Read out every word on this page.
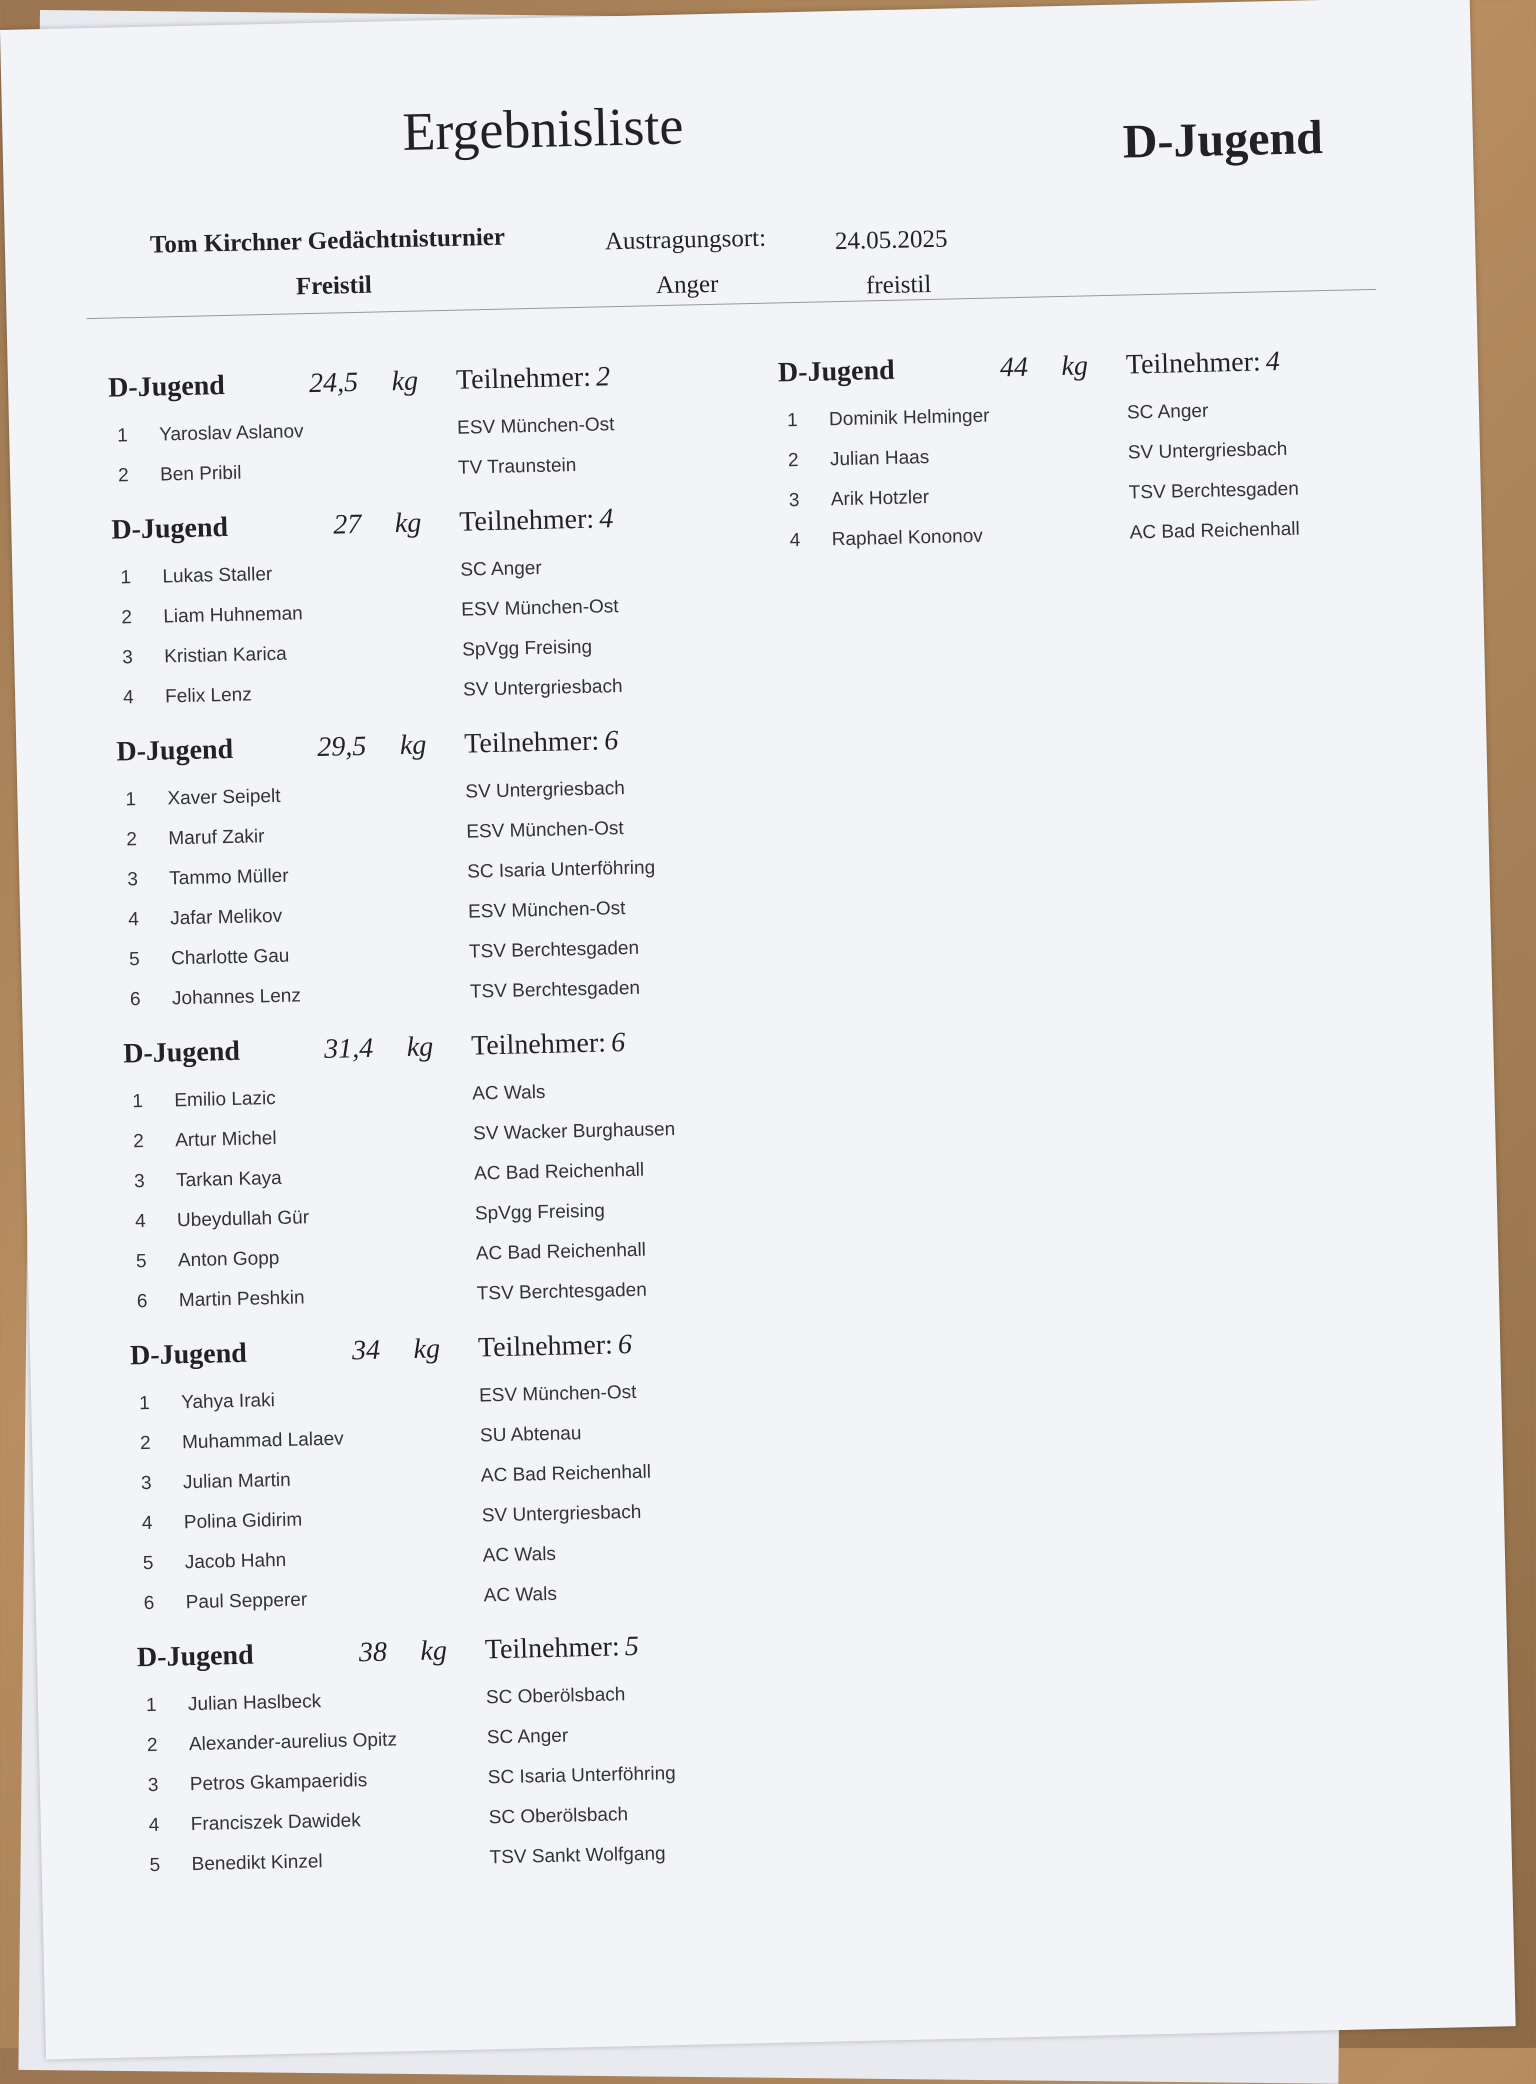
Ergebnisliste	D-Jugend
Tom Kirchner Gedächtnisturnier
Freistil
Austragungsort:
Anger
24.05.2025
freistil
D-Jugend	24,5	kg Teilnehmer: 2
1	Yaroslav Aslanov	ESV München-Ost
2	Ben Pribil	TV Traunstein
D-Jugend	27	kg Teilnehmer: 4
1	Lukas Staller	SC Anger
2	Liam Huhneman	ESV München-Ost
3	Kristian Karica	SpVgg Freising
4	Felix Lenz	SV Untergriesbach
D-Jugend	29,5	kg Teilnehmer: 6
1	Xaver Seipelt	SV Untergriesbach
2	Maruf Zakir	ESV München-Ost
3	Tammo Müller	SC Isaria Unterföhring
4	Jafar Melikov	ESV München-Ost
5	Charlotte Gau	TSV Berchtesgaden
6	Johannes Lenz	TSV Berchtesgaden
D-Jugend	31,4	kg Teilnehmer: 6
1	Emilio Lazic	AC Wals
2	Artur Michel	SV Wacker Burghausen
3	Tarkan Kaya	AC Bad Reichenhall
4	Ubeydullah Gür	SpVgg Freising
5	Anton Gopp	AC Bad Reichenhall
6	Martin Peshkin	TSV Berchtesgaden
D-Jugend	34	kg Teilnehmer: 6
1	Yahya Iraki	ESV München-Ost
2	Muhammad Lalaev	SU Abtenau
3	Julian Martin	AC Bad Reichenhall
4	Polina Gidirim	SV Untergriesbach
5	Jacob Hahn	AC Wals
6	Paul Sepperer	AC Wals
D-Jugend	38	kg Teilnehmer: 5
1	Julian Haslbeck	SC Oberölsbach
2	Alexander-aurelius Opitz	SC Anger
3	Petros Gkampaeridis	SC Isaria Unterföhring
4	Franciszek Dawidek	SC Oberölsbach
5	Benedikt Kinzel	TSV Sankt Wolfgang
D-Jugend	44	kg Teilnehmer: 4
1	Dominik Helminger	SC Anger
2	Julian Haas	SV Untergriesbach
3	Arik Hotzler	TSV Berchtesgaden
4	Raphael Kononov	AC Bad Reichenhall
